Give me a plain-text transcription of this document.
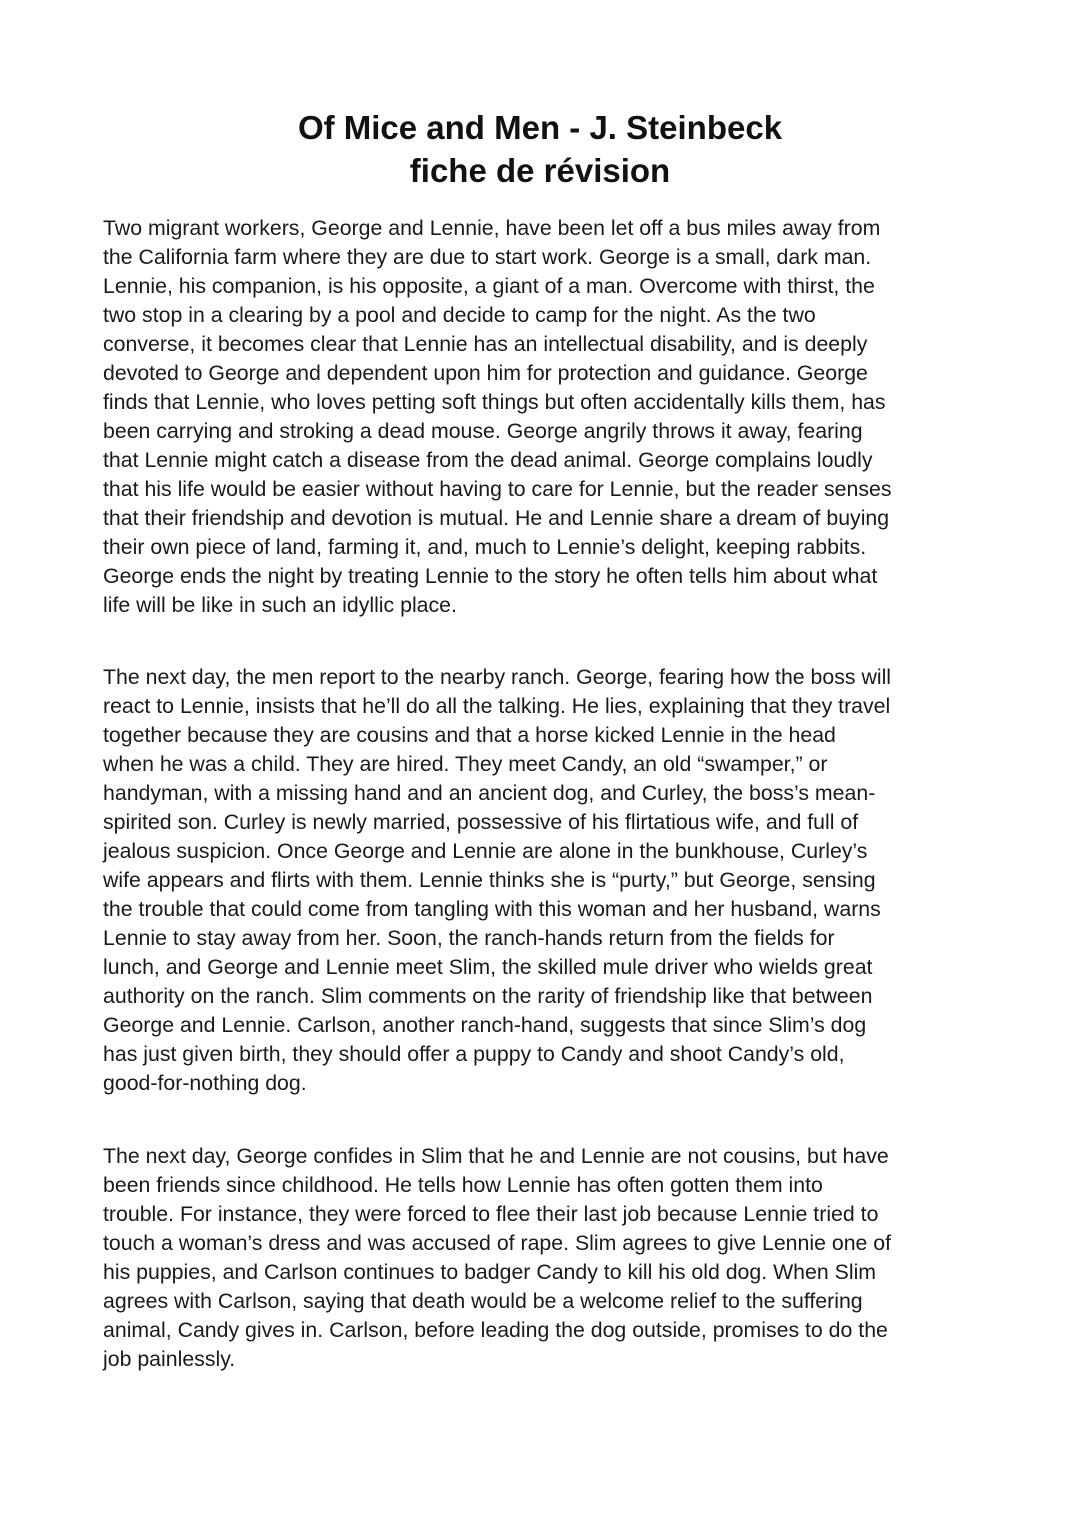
Of Mice and Men - J. Steinbeck
fiche de révision

Two migrant workers, George and Lennie, have been let off a bus miles away from
the California farm where they are due to start work. George is a small, dark man.
Lennie, his companion, is his opposite, a giant of a man. Overcome with thirst, the
two stop in a clearing by a pool and decide to camp for the night. As the two
converse, it becomes clear that Lennie has an intellectual disability, and is deeply
devoted to George and dependent upon him for protection and guidance. George
finds that Lennie, who loves petting soft things but often accidentally kills them, has
been carrying and stroking a dead mouse. George angrily throws it away, fearing
that Lennie might catch a disease from the dead animal. George complains loudly
that his life would be easier without having to care for Lennie, but the reader senses
that their friendship and devotion is mutual. He and Lennie share a dream of buying
their own piece of land, farming it, and, much to Lennie’s delight, keeping rabbits.
George ends the night by treating Lennie to the story he often tells him about what
life will be like in such an idyllic place.

The next day, the men report to the nearby ranch. George, fearing how the boss will
react to Lennie, insists that he’ll do all the talking. He lies, explaining that they travel
together because they are cousins and that a horse kicked Lennie in the head
when he was a child. They are hired. They meet Candy, an old “swamper,” or
handyman, with a missing hand and an ancient dog, and Curley, the boss’s mean-
spirited son. Curley is newly married, possessive of his flirtatious wife, and full of
jealous suspicion. Once George and Lennie are alone in the bunkhouse, Curley’s
wife appears and flirts with them. Lennie thinks she is “purty,” but George, sensing
the trouble that could come from tangling with this woman and her husband, warns
Lennie to stay away from her. Soon, the ranch-hands return from the fields for
lunch, and George and Lennie meet Slim, the skilled mule driver who wields great
authority on the ranch. Slim comments on the rarity of friendship like that between
George and Lennie. Carlson, another ranch-hand, suggests that since Slim’s dog
has just given birth, they should offer a puppy to Candy and shoot Candy’s old,
good-for-nothing dog.

The next day, George confides in Slim that he and Lennie are not cousins, but have
been friends since childhood. He tells how Lennie has often gotten them into
trouble. For instance, they were forced to flee their last job because Lennie tried to
touch a woman’s dress and was accused of rape. Slim agrees to give Lennie one of
his puppies, and Carlson continues to badger Candy to kill his old dog. When Slim
agrees with Carlson, saying that death would be a welcome relief to the suffering
animal, Candy gives in. Carlson, before leading the dog outside, promises to do the
job painlessly.
